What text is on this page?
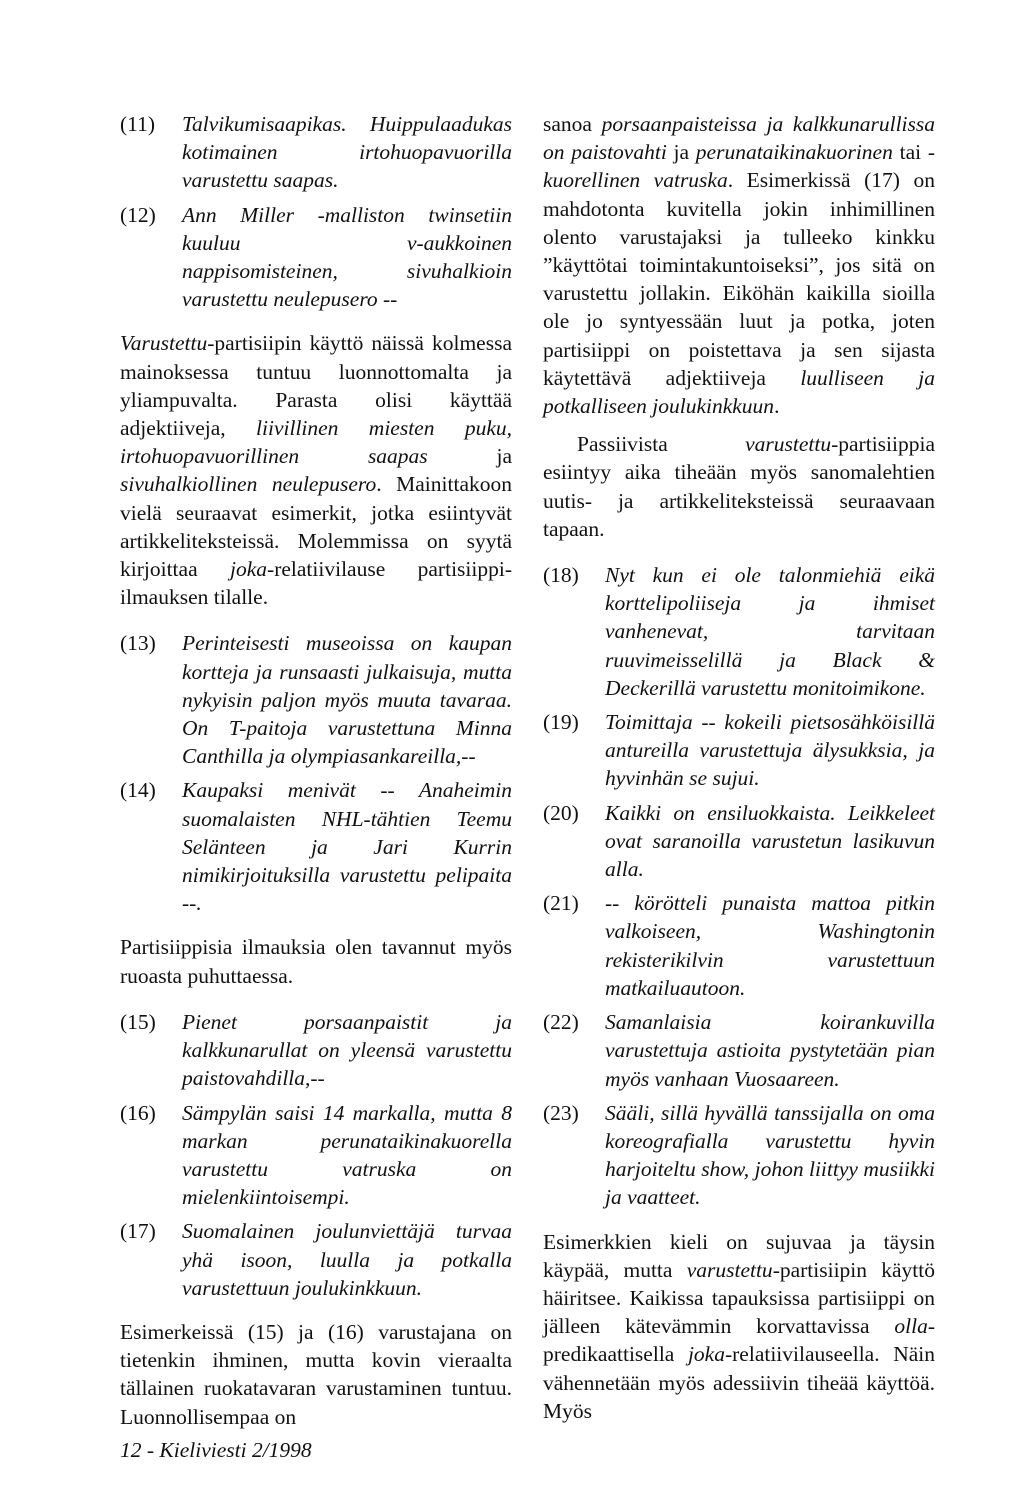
(11)	Talvikumisaapikas. Huippulaadukas kotimainen irtohuopavuorilla varustettu saapas.
(12)	Ann Miller -malliston twinsetiin kuuluu v-aukkoinen nappisomisteinen, sivuhalkioin varustettu neulepusero --

Varustettu-partisiipin käyttö näissä kolmessa mainoksessa tuntuu luonnottomalta ja yliampuvalta. Parasta olisi käyttää adjektiiveja, liivillinen miesten puku, irtohuopavuorillinen saapas ja sivuhalkiollinen neulepusero. Mainittakoon vielä seuraavat esimerkit, jotka esiintyvät artikkeliteksteissä. Molemmissa on syytä kirjoittaa joka-relatiivilause partisiippi-ilmauksen tilalle.

(13)	Perinteisesti museoissa on kaupan kortteja ja runsaasti julkaisuja, mutta nykyisin paljon myös muuta tavaraa. On T-paitoja varustettuna Minna Canthilla ja olympiasankareilla,--
(14)	Kaupaksi menivät -- Anaheimin suomalaisten NHL-tähtien Teemu Selänteen ja Jari Kurrin nimikirjoituksilla varustettu pelipaita --.

Partisiippisia ilmauksia olen tavannut myös ruoasta puhuttaessa.

(15)	Pienet porsaanpaistit ja kalkkunarullat on yleensä varustettu paistovahdilla,--
(16)	Sämpylän saisi 14 markalla, mutta 8 markan perunataikinakuorella varustettu vatruska on mielenkiintoisempi.
(17)	Suomalainen joulunviettäjä turvaa yhä isoon, luulla ja potkalla varustettuun joulukinkkuun.

Esimerkeissä (15) ja (16) varustajana on tietenkin ihminen, mutta kovin vieraalta tällainen ruokatavaran varustaminen tuntuu. Luonnollisempaa on

sanoa porsaanpaisteissa ja kalkkunarullissa on paistovahti ja perunataikinakuorinen tai -kuorellinen vatruska. Esimerkissä (17) on mahdotonta kuvitella jokin inhimillinen olento varustajaksi ja tulleeko kinkku ”käyttötai toimintakuntoiseksi”, jos sitä on varustettu jollakin. Eiköhän kaikilla sioilla ole jo syntyessään luut ja potka, joten partisiippi on poistettava ja sen sijasta käytettävä adjektiiveja luulliseen ja potkalliseen joulukinkkuun.

Passiivista varustettu-partisiippia esiintyy aika tiheään myös sanomalehtien uutis- ja artikkeliteksteissä seuraavaan tapaan.

(18)	Nyt kun ei ole talonmiehiä eikä korttelipoliiseja ja ihmiset vanhenevat, tarvitaan ruuvimeisselillä ja Black & Deckerillä varustettu monitoimikone.
(19)	Toimittaja -- kokeili pietsosähköisillä antureilla varustettuja älysukksia, ja hyvinhän se sujui.
(20)	Kaikki on ensiluokkaista. Leikkeleet ovat saranoilla varustetun lasikuvun alla.
(21)	-- körötteli punaista mattoa pitkin valkoiseen, Washingtonin rekisterikilvin varustettuun matkailuautoon.
(22)	Samanlaisia koirankuvilla varustettuja astioita pystytetään pian myös vanhaan Vuosaareen.
(23)	Sääli, sillä hyvällä tanssijalla on oma koreografialla varustettu hyvin harjoiteltu show, johon liittyy musiikki ja vaatteet.

Esimerkkien kieli on sujuvaa ja täysin käypää, mutta varustettu-partisiipin käyttö häiritsee. Kaikissa tapauksissa partisiippi on jälleen kätevämmin korvattavissa olla-predikaattisella joka-relatiivilauseella. Näin vähennetään myös adessiivin tiheää käyttöä. Myös

12 - Kieliviesti 2/1998
